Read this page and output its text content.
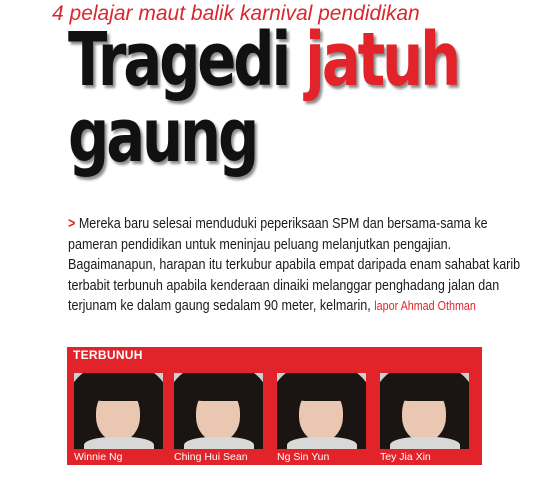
4 pelajar maut balik karnival pendidikan
Tragedi jatuh
gaung
> Mereka baru selesai menduduki peperiksaan SPM dan bersama-sama ke pameran pendidikan untuk meninjau peluang melanjutkan pengajian. Bagaimanapun, harapan itu terkubur apabila empat daripada enam sahabat karib terbabit terbunuh apabila kenderaan dinaiki melanggar penghadang jalan dan terjunam ke dalam gaung sedalam 90 meter, kelmarin, lapor Ahmad Othman
TERBUNUH
Winnie Ng	Ching Hui Sean	Ng Sin Yun	Tey Jia Xin
